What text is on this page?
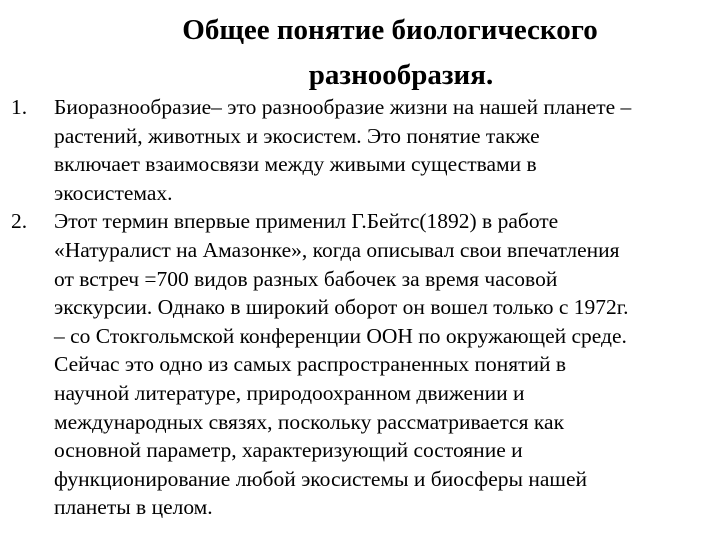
Общее понятие биологического
разнообразия.
1. Биоразнообразие– это разнообразие жизни на нашей планете –
растений, животных и экосистем. Это понятие также
включает взаимосвязи между живыми существами в
экосистемах.
2. Этот термин впервые применил Г.Бейтс(1892) в работе
«Натуралист на Амазонке», когда описывал свои впечатления
от встреч =700 видов разных бабочек за время часовой
экскурсии. Однако в широкий оборот он вошел только с 1972г.
– со Стокгольмской конференции ООН по окружающей среде.
Сейчас это одно из самых распространенных понятий в
научной литературе, природоохранном движении и
международных связях, поскольку рассматривается как
основной параметр, характеризующий состояние и
функционирование любой экосистемы и биосферы нашей
планеты в целом.
